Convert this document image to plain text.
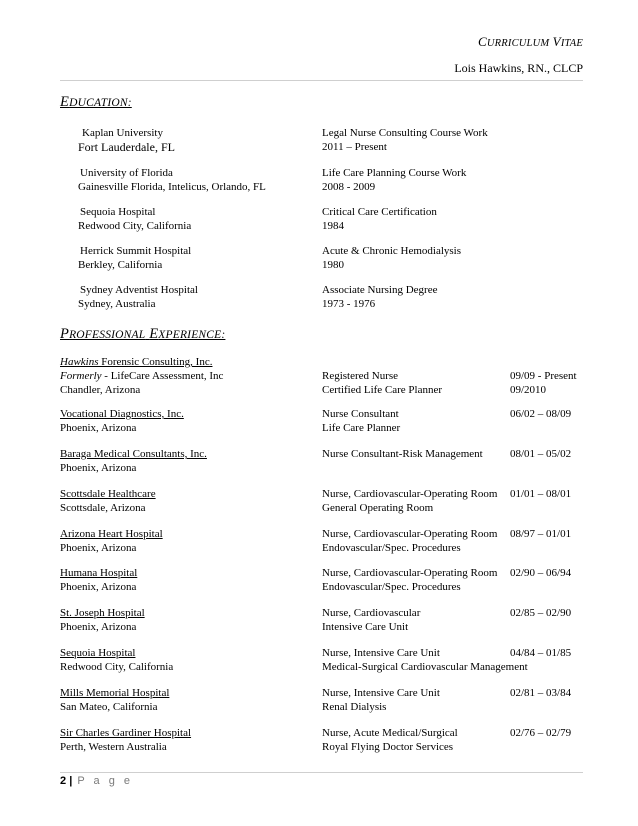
CURRICULUM VITAE
Lois Hawkins, RN., CLCP
EDUCATION:
Kaplan University
Fort Lauderdale, FL
Legal Nurse Consulting Course Work
2011 – Present
University of Florida
Gainesville Florida, Intelicus, Orlando, FL
Life Care Planning Course Work
2008 - 2009
Sequoia Hospital
Redwood City, California
Critical Care Certification
1984
Herrick Summit Hospital
Berkley, California
Acute & Chronic Hemodialysis
1980
Sydney Adventist Hospital
Sydney, Australia
Associate Nursing Degree
1973 - 1976
PROFESSIONAL EXPERIENCE:
Hawkins Forensic Consulting, Inc.
Formerly - LifeCare Assessment, Inc
Chandler, Arizona
Registered Nurse
Certified Life Care Planner
09/09 - Present
09/2010
Vocational Diagnostics, Inc.
Phoenix, Arizona
Nurse Consultant
Life Care Planner
06/02 – 08/09
Baraga Medical Consultants, Inc.
Phoenix, Arizona
Nurse Consultant-Risk Management 08/01 – 05/02
Scottsdale Healthcare
Scottsdale, Arizona
Nurse, Cardiovascular-Operating Room
General Operating Room
01/01 – 08/01
Arizona Heart Hospital
Phoenix, Arizona
Nurse, Cardiovascular-Operating Room
Endovascular/Spec. Procedures
08/97 – 01/01
Humana Hospital
Phoenix, Arizona
Nurse, Cardiovascular-Operating Room
Endovascular/Spec. Procedures
02/90 – 06/94
St. Joseph Hospital
Phoenix, Arizona
Nurse, Cardiovascular
Intensive Care Unit
02/85 – 02/90
Sequoia Hospital
Redwood City, California
Nurse, Intensive Care Unit
Medical-Surgical Cardiovascular Management
04/84 – 01/85
Mills Memorial Hospital
San Mateo, California
Nurse, Intensive Care Unit
Renal Dialysis
02/81 – 03/84
Sir Charles Gardiner Hospital
Perth, Western Australia
Nurse, Acute Medical/Surgical
Royal Flying Doctor Services
02/76 – 02/79
2 | P a g e
